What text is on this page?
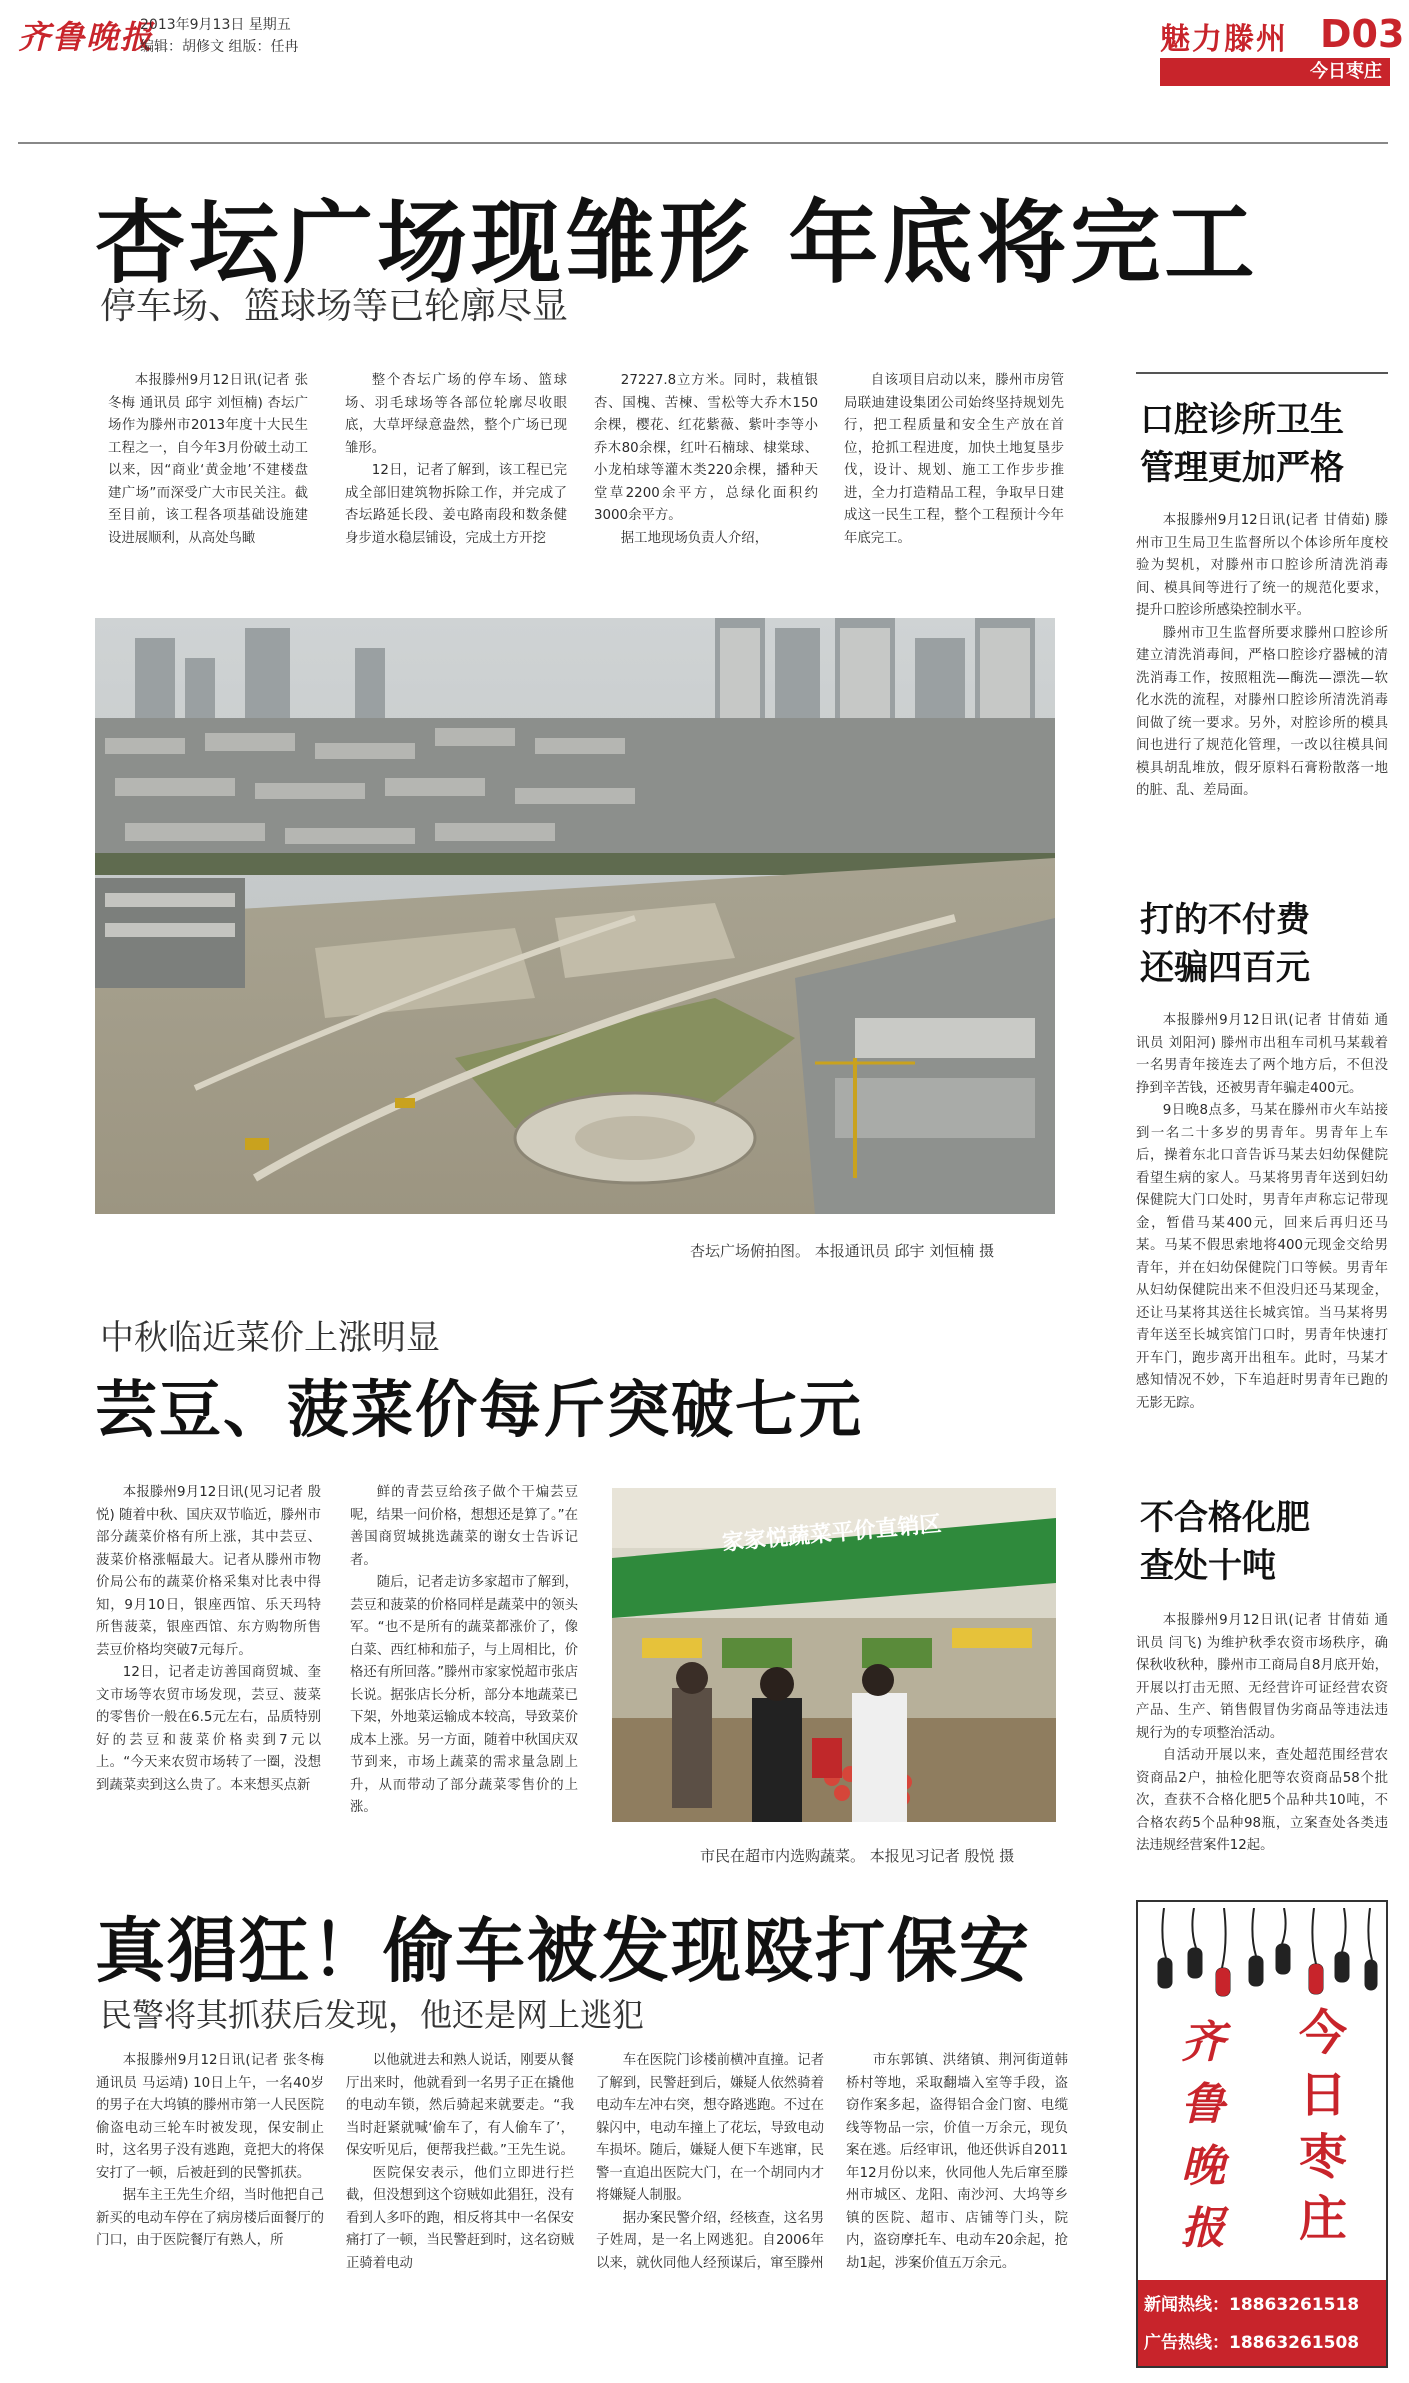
齐鲁晚报
2013年9月13日 星期五
编辑：胡修文 组版：任冉	魅力滕州 D03
今日枣庄
杏坛广场现雏形 年底将完工
停车场、篮球场等已轮廓尽显

本报滕州9月12日讯(记者 张冬梅 通讯员 邱宇 刘恒楠) 杏坛广场作为滕州市2013年度十大民生工程之一，自今年3月份破土动工以来，因“商业‘黄金地’不建楼盘建广场”而深受广大市民关注。截至目前，该工程各项基础设施建设进展顺利，从高处鸟瞰

整个杏坛广场的停车场、篮球场、羽毛球场等各部位轮廓尽收眼底，大草坪绿意盎然，整个广场已现雏形。

12日，记者了解到，该工程已完成全部旧建筑物拆除工作，并完成了杏坛路延长段、姜屯路南段和数条健身步道水稳层铺设，完成土方开挖

27227.8立方米。同时，栽植银杏、国槐、苦楝、雪松等大乔木150余棵，樱花、红花紫薇、紫叶李等小乔木80余棵，红叶石楠球、棣棠球、小龙柏球等灌木类220余棵，播种天堂草2200余平方，总绿化面积约3000余平方。

据工地现场负责人介绍，

自该项目启动以来，滕州市房管局联迪建设集团公司始终坚持规划先行，把工程质量和安全生产放在首位，抢抓工程进度，加快土地复垦步伐，设计、规划、施工工作步步推进，全力打造精品工程，争取早日建成这一民生工程，整个工程预计今年年底完工。

杏坛广场俯拍图。 本报通讯员 邱宇 刘恒楠 摄
中秋临近菜价上涨明显
芸豆、菠菜价每斤突破七元

本报滕州9月12日讯(见习记者 殷悦) 随着中秋、国庆双节临近，滕州市部分蔬菜价格有所上涨，其中芸豆、菠菜价格涨幅最大。记者从滕州市物价局公布的蔬菜价格采集对比表中得知，9月10日，银座西馆、乐天玛特所售菠菜，银座西馆、东方购物所售芸豆价格均突破7元每斤。

12日，记者走访善国商贸城、奎文市场等农贸市场发现，芸豆、菠菜的零售价一般在6.5元左右，品质特别好的芸豆和菠菜价格卖到7元以上。“今天来农贸市场转了一圈，没想到蔬菜卖到这么贵了。本来想买点新

鲜的青芸豆给孩子做个干煸芸豆呢，结果一问价格，想想还是算了。”在善国商贸城挑选蔬菜的谢女士告诉记者。

随后，记者走访多家超市了解到，芸豆和菠菜的价格同样是蔬菜中的领头军。“也不是所有的蔬菜都涨价了，像白菜、西红柿和茄子，与上周相比，价格还有所回落。”滕州市家家悦超市张店长说。据张店长分析，部分本地蔬菜已下架，外地菜运输成本较高，导致菜价成本上涨。另一方面，随着中秋国庆双节到来，市场上蔬菜的需求量急剧上升，从而带动了部分蔬菜零售价的上涨。

家家悦蔬菜平价直销区
市民在超市内选购蔬菜。 本报见习记者 殷悦 摄
真猖狂！偷车被发现殴打保安
民警将其抓获后发现，他还是网上逃犯

本报滕州9月12日讯(记者 张冬梅 通讯员 马运靖) 10日上午，一名40岁的男子在大坞镇的滕州市第一人民医院偷盗电动三轮车时被发现，保安制止时，这名男子没有逃跑，竟把大的将保安打了一顿，后被赶到的民警抓获。

据车主王先生介绍，当时他把自己新买的电动车停在了病房楼后面餐厅的门口，由于医院餐厅有熟人，所

以他就进去和熟人说话，刚要从餐厅出来时，他就看到一名男子正在撬他的电动车锁，然后骑起来就要走。“我当时赶紧就喊‘偷车了，有人偷车了’，保安听见后，便帮我拦截。”王先生说。

医院保安表示，他们立即进行拦截，但没想到这个窃贼如此猖狂，没有看到人多吓的跑，相反将其中一名保安痛打了一顿，当民警赶到时，这名窃贼正骑着电动

车在医院门诊楼前横冲直撞。记者了解到，民警赶到后，嫌疑人依然骑着电动车左冲右突，想夺路逃跑。不过在躲闪中，电动车撞上了花坛，导致电动车损坏。随后，嫌疑人便下车逃窜，民警一直追出医院大门，在一个胡同内才将嫌疑人制服。

据办案民警介绍，经核查，这名男子姓周，是一名上网逃犯。自2006年以来，就伙同他人经预谋后，窜至滕州

市东郭镇、洪绪镇、荆河街道韩桥村等地，采取翻墙入室等手段，盗窃作案多起，盗得铝合金门窗、电缆线等物品一宗，价值一万余元，现负案在逃。后经审讯，他还供诉自2011年12月份以来，伙同他人先后窜至滕州市城区、龙阳、南沙河、大坞等乡镇的医院、超市、店铺等门头，院内，盗窃摩托车、电动车20余起，抢劫1起，涉案价值五万余元。

口腔诊所卫生
管理更加严格

本报滕州9月12日讯(记者 甘倩茹) 滕州市卫生局卫生监督所以个体诊所年度校验为契机，对滕州市口腔诊所清洗消毒间、模具间等进行了统一的规范化要求，提升口腔诊所感染控制水平。

滕州市卫生监督所要求滕州口腔诊所建立清洗消毒间，严格口腔诊疗器械的清洗消毒工作，按照粗洗—酶洗—漂洗—软化水洗的流程，对滕州口腔诊所清洗消毒间做了统一要求。另外，对腔诊所的模具间也进行了规范化管理，一改以往模具间模具胡乱堆放，假牙原料石膏粉散落一地的脏、乱、差局面。

打的不付费
还骗四百元

本报滕州9月12日讯(记者 甘倩茹 通讯员 刘阳河) 滕州市出租车司机马某载着一名男青年接连去了两个地方后，不但没挣到辛苦钱，还被男青年骗走400元。

9日晚8点多，马某在滕州市火车站接到一名二十多岁的男青年。男青年上车后，操着东北口音告诉马某去妇幼保健院看望生病的家人。马某将男青年送到妇幼保健院大门口处时，男青年声称忘记带现金，暂借马某400元，回来后再归还马某。马某不假思索地将400元现金交给男青年，并在妇幼保健院门口等候。男青年从妇幼保健院出来不但没归还马某现金，还让马某将其送往长城宾馆。当马某将男青年送至长城宾馆门口时，男青年快速打开车门，跑步离开出租车。此时，马某才感知情况不妙，下车追赶时男青年已跑的无影无踪。

不合格化肥
查处十吨

本报滕州9月12日讯(记者 甘倩茹 通讯员 闫飞) 为维护秋季农资市场秩序，确保秋收秋种，滕州市工商局自8月底开始，开展以打击无照、无经营许可证经营农资产品、生产、销售假冒伪劣商品等违法违规行为的专项整治活动。

自活动开展以来，查处超范围经营农资商品2户，抽检化肥等农资商品58个批次，查获不合格化肥5个品种共10吨，不合格农药5个品种98瓶，立案查处各类违法违规经营案件12起。

齐
鲁
晚
报
今
日
枣
庄
新闻热线：18863261518
广告热线：18863261508
